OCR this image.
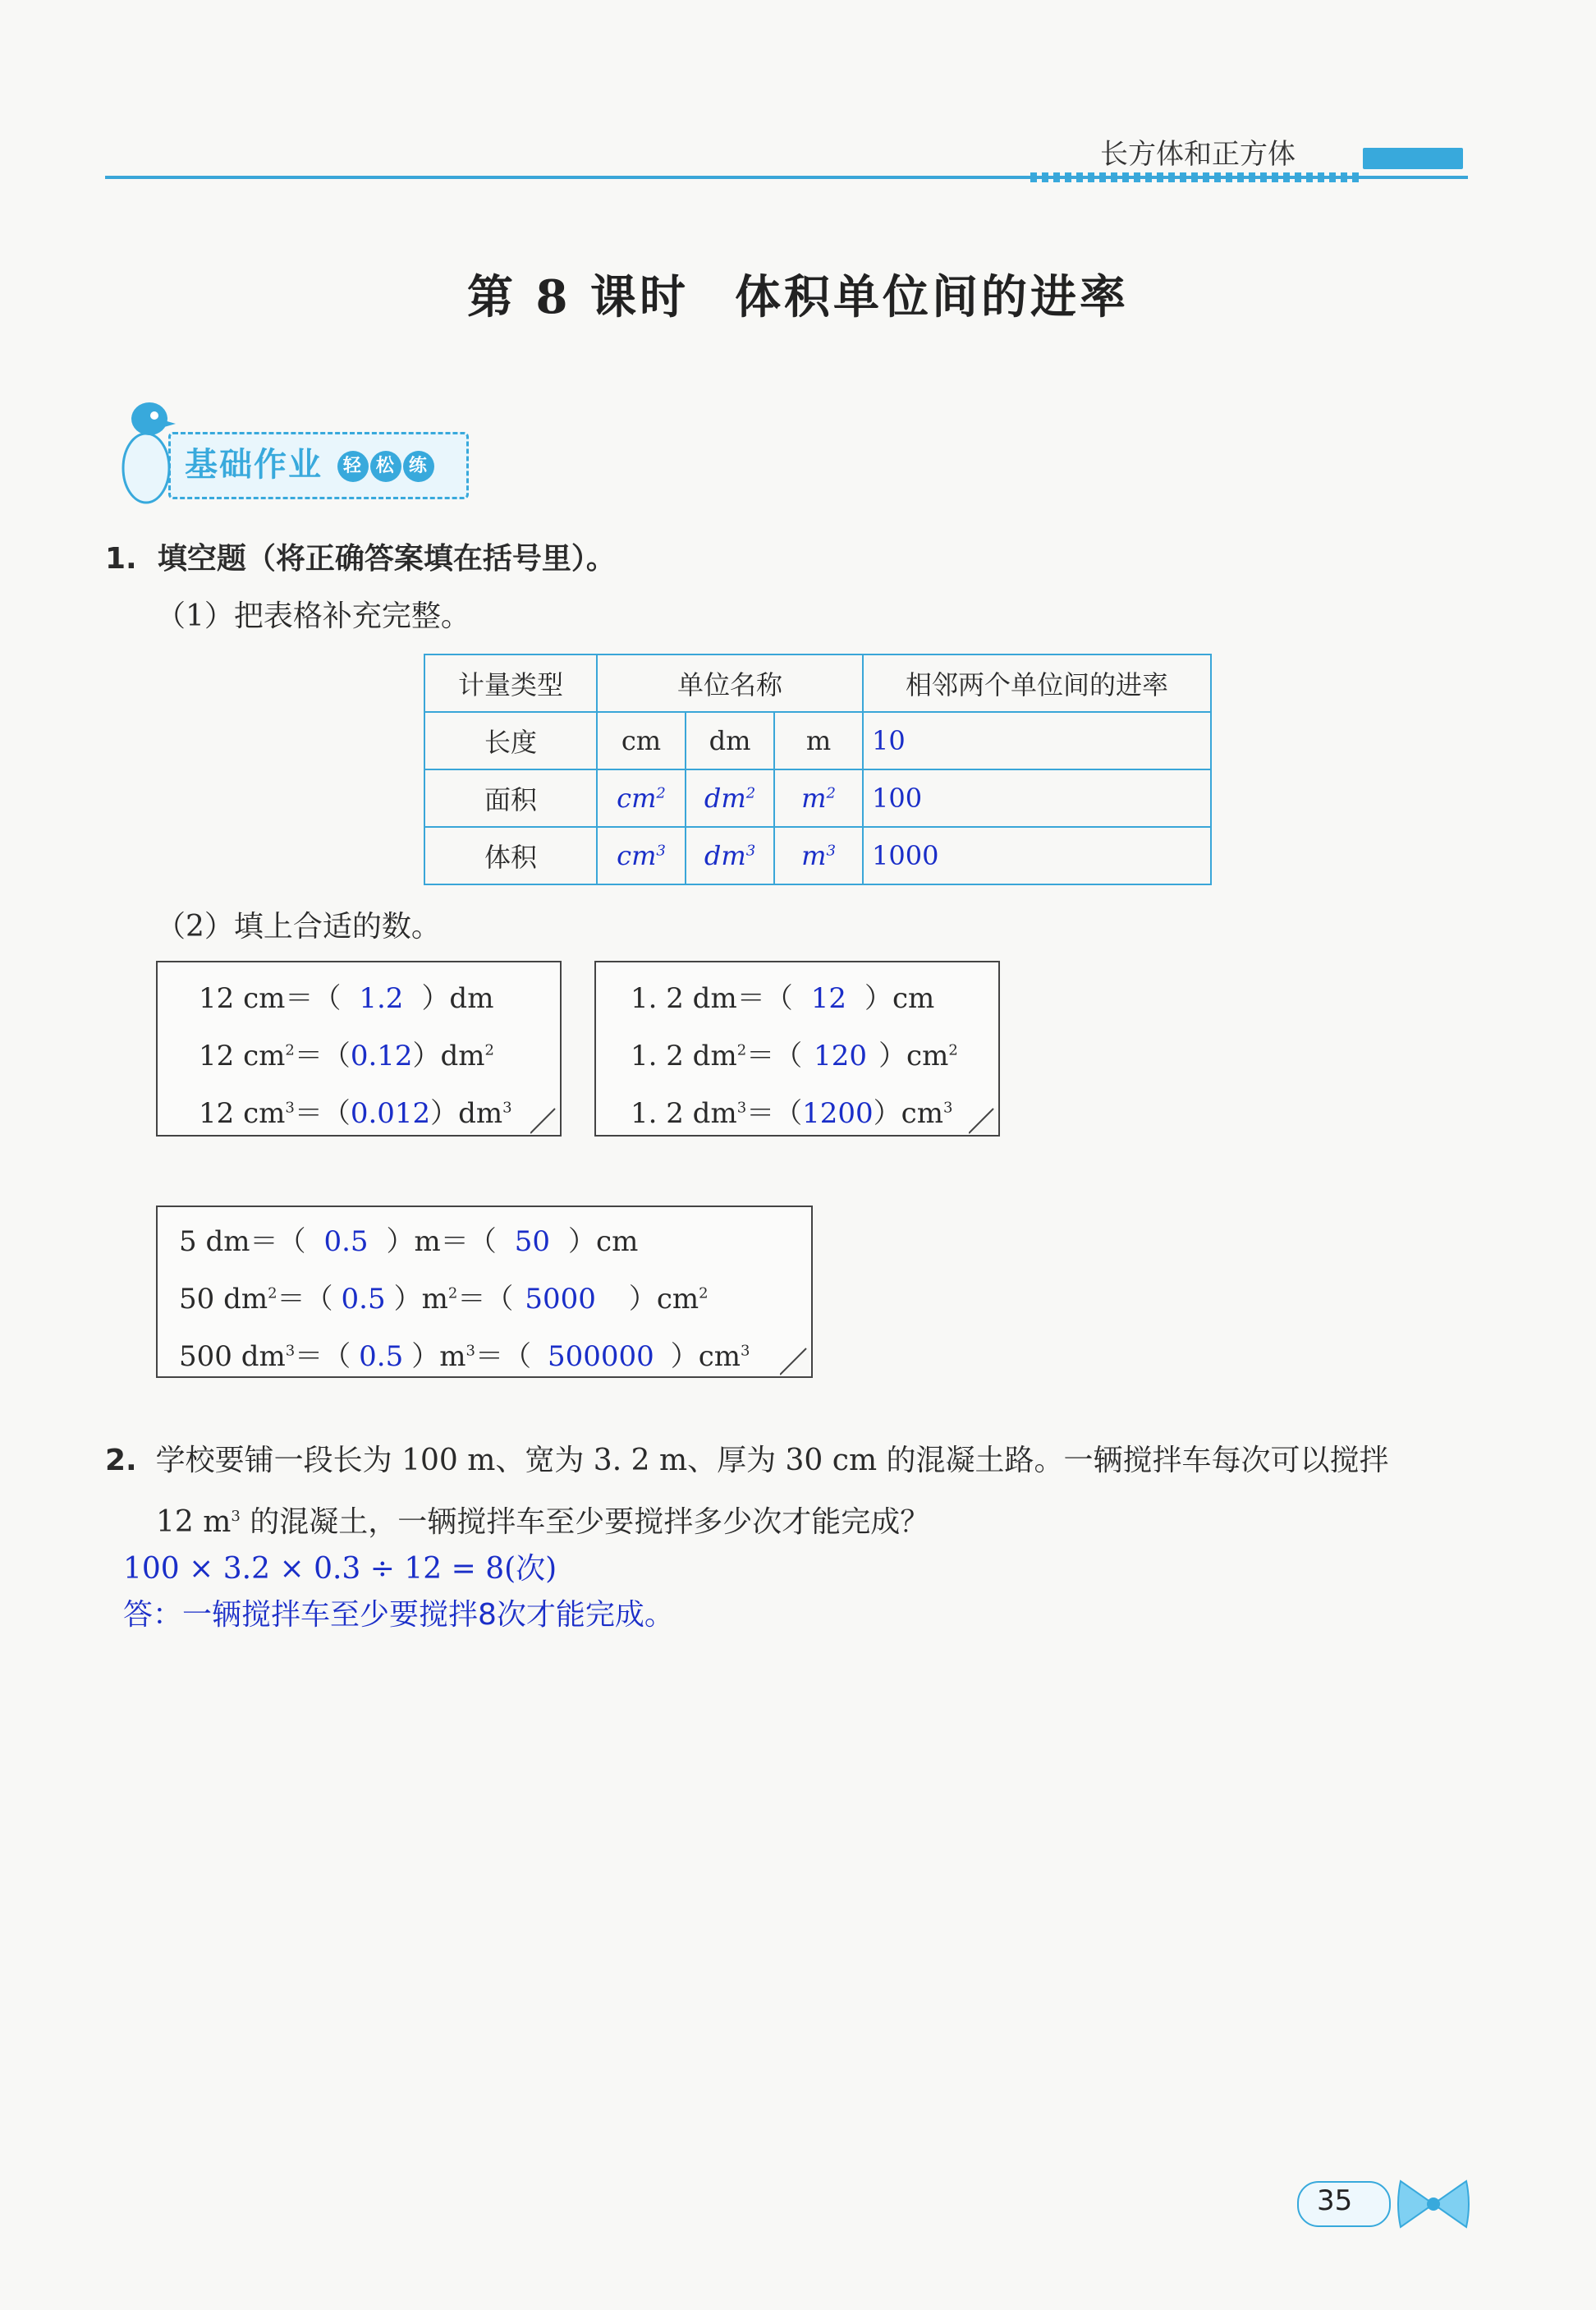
长方体和正方体
第 8 课时 体积单位间的进率
基础作业 轻 松 练
1. 填空题（将正确答案填在括号里）。
（1）把表格补充完整。
计量类型	单位名称			相邻两个单位间的进率
长度	cm	dm	m	10
面积	$cm^2$	$dm^2$	$m^2$	100
体积	$cm^3$	$dm^3$	$m^3$	1000
（2）填上合适的数。
12 cm＝（ 1.2 ）dm
12 $cm^2=(0.12)dm^2$
12 $cm^3=(0.012)dm^3$
1. 2 dm＝（ 12 ）cm
1. 2 $dm^2=$（ 120 ）$cm^2$
1. 2 $dm^3=(1200)cm^3$
5 dm＝（ 0.5 ）m＝（ 50 ）cm
50 $dm^2=$（ 0.5 ）$m^2=$（ 5000 ）$cm^2$
500 $dm^3=$（ 0.5 ）$m^3=$（ 500000 ）$cm^3$
2. 学校要铺一段长为 100 m、宽为 3. 2 m、厚为 30 cm 的混凝土路。一辆搅拌车每次可以搅拌
12 $m^3$ 的混凝土，一辆搅拌车至少要搅拌多少次才能完成？
100 × 3.2 × 0.3 ÷ 12 = 8(次)
答：一辆搅拌车至少要搅拌8次才能完成。
35
